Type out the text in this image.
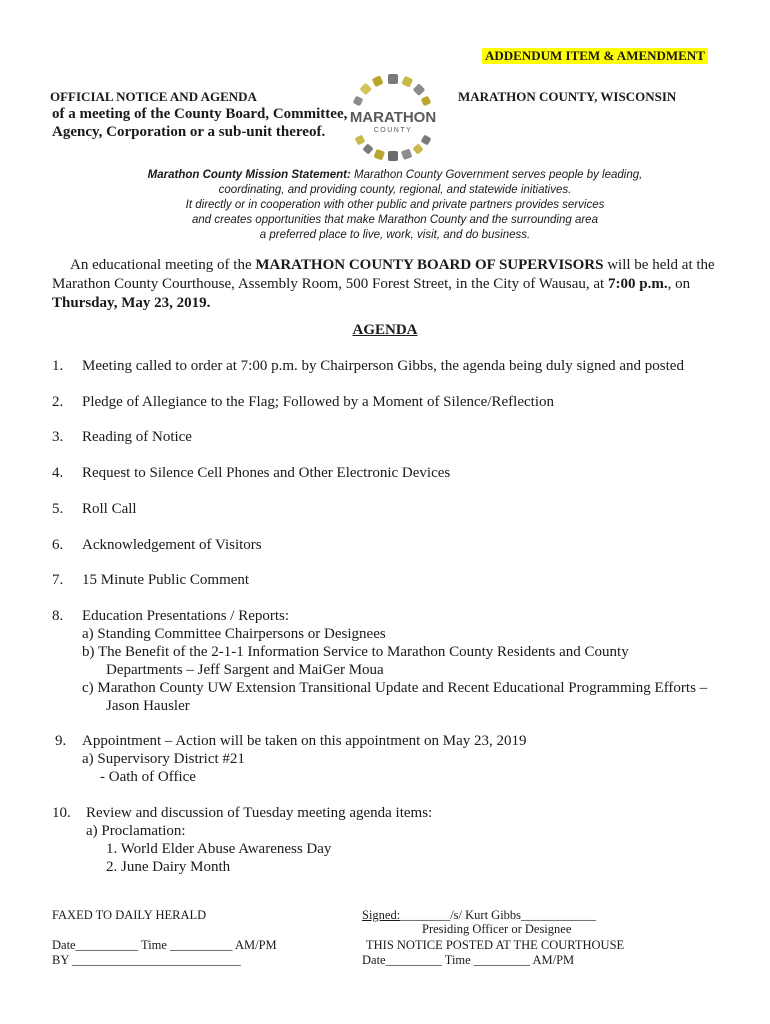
ADDENDUM ITEM & AMENDMENT
OFFICIAL NOTICE AND AGENDA
of a meeting of the County Board, Committee,
Agency, Corporation or a sub-unit thereof.
MARATHON COUNTY, WISCONSIN
MARATHON
COUNTY
Marathon County Mission Statement: Marathon County Government serves people by leading,
coordinating, and providing county, regional, and statewide initiatives.
It directly or in cooperation with other public and private partners provides services
and creates opportunities that make Marathon County and the surrounding area
a preferred place to live, work, visit, and do business.
An educational meeting of the MARATHON COUNTY BOARD OF SUPERVISORS will be held at the Marathon County Courthouse, Assembly Room, 500 Forest Street, in the City of Wausau, at 7:00 p.m., on Thursday, May 23, 2019.
AGENDA
1. Meeting called to order at 7:00 p.m. by Chairperson Gibbs, the agenda being duly signed and posted
2. Pledge of Allegiance to the Flag; Followed by a Moment of Silence/Reflection
3. Reading of Notice
4. Request to Silence Cell Phones and Other Electronic Devices
5. Roll Call
6. Acknowledgement of Visitors
7. 15 Minute Public Comment
8. Education Presentations / Reports:
a) Standing Committee Chairpersons or Designees
b) The Benefit of the 2-1-1 Information Service to Marathon County Residents and County
Departments – Jeff Sargent and MaiGer Moua
c) Marathon County UW Extension Transitional Update and Recent Educational Programming Efforts –
Jason Hausler
9. Appointment – Action will be taken on this appointment on May 23, 2019
a) Supervisory District #21
- Oath of Office
10. Review and discussion of Tuesday meeting agenda items:
a) Proclamation:
1. World Elder Abuse Awareness Day
2. June Dairy Month
FAXED TO DAILY HERALD
Date__________ Time __________ AM/PM
BY ___________________________
Signed:________/s/ Kurt Gibbs____________
Presiding Officer or Designee
THIS NOTICE POSTED AT THE COURTHOUSE
Date_________ Time _________ AM/PM
